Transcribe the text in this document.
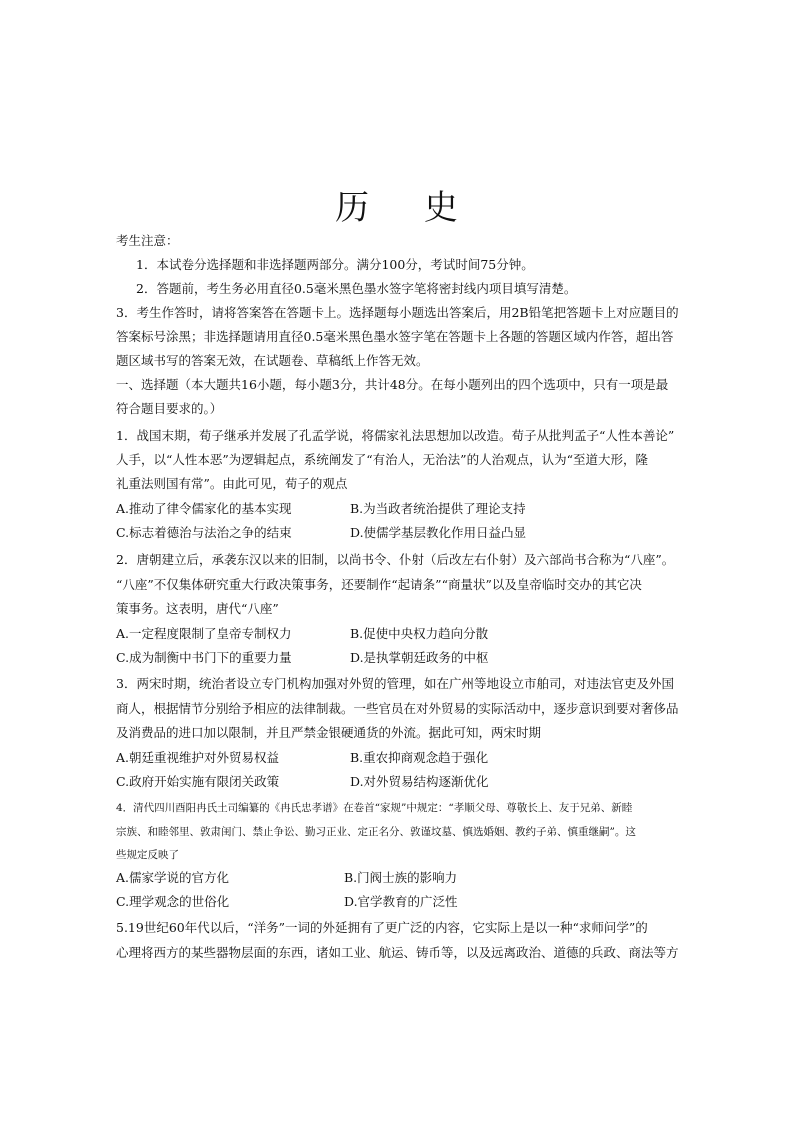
历 史
考生注意：
1．本试卷分选择题和非选择题两部分。满分100分，考试时间75分钟。
2．答题前，考生务必用直径0.5毫米黑色墨水签字笔将密封线内项目填写清楚。
3．考生作答时，请将答案答在答题卡上。选择题每小题选出答案后，用2B铅笔把答题卡上对应题目的
答案标号涂黑；非选择题请用直径0.5毫米黑色墨水签字笔在答题卡上各题的答题区域内作答，超出答
题区域书写的答案无效，在试题卷、草稿纸上作答无效。
一、选择题（本大题共16小题，每小题3分，共计48分。在每小题列出的四个选项中，只有一项是最
符合题目要求的。）
1．战国末期，荀子继承并发展了孔孟学说，将儒家礼法思想加以改造。荀子从批判孟子“人性本善论”
人手，以“人性本恶”为逻辑起点，系统阐发了“有治人，无治法”的人治观点，认为“至道大形，隆
礼重法则国有常”。由此可见，荀子的观点
A.推动了律令儒家化的基本实现	B.为当政者统治提供了理论支持
C.标志着德治与法治之争的结束	D.使儒学基层教化作用日益凸显
2．唐朝建立后，承袭东汉以来的旧制，以尚书令、仆射（后改左右仆射）及六部尚书合称为“八座”。
“八座”不仅集体研究重大行政决策事务，还要制作“起请条”“商量状”以及皇帝临时交办的其它决
策事务。这表明，唐代“八座”
A.一定程度限制了皇帝专制权力	B.促使中央权力趋向分散
C.成为制衡中书门下的重要力量	D.是执掌朝廷政务的中枢
3．两宋时期，统治者设立专门机构加强对外贸的管理，如在广州等地设立市舶司，对违法官吏及外国
商人，根据情节分别给予相应的法律制裁。一些官员在对外贸易的实际活动中，逐步意识到要对奢侈品
及消费品的进口加以限制，并且严禁金银硬通货的外流。据此可知，两宋时期
A.朝廷重视维护对外贸易权益	B.重农抑商观念趋于强化
C.政府开始实施有限闭关政策	D.对外贸易结构逐渐优化
4．清代四川酉阳冉氏土司编纂的《冉氏忠孝谱》在卷首“家规”中规定：“孝顺父母、尊敬长上、友于兄弟、新睦
宗族、和睦邻里、敦肃闺门、禁止争讼、勤习正业、定正名分、敦谨坟墓、慎选婚姻、教约子弟、慎重继嗣”。这
些规定反映了
A.儒家学说的官方化	B.门阀士族的影响力
C.理学观念的世俗化	D.官学教育的广泛性
5.19世纪60年代以后，“洋务”一词的外延拥有了更广泛的内容，它实际上是以一种“求师问学”的
心理将西方的某些器物层面的东西，诸如工业、航运、铸币等，以及远离政治、道德的兵政、商法等方
